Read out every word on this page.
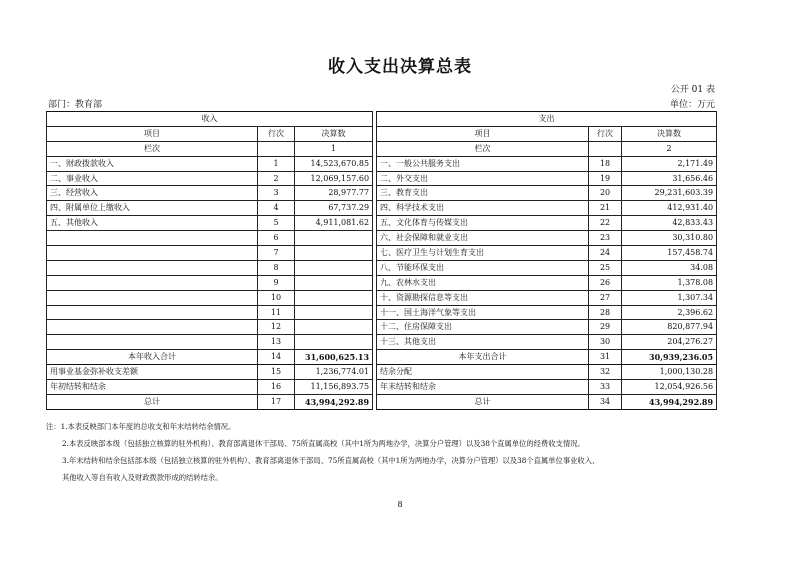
收入支出决算总表
公开 01 表
部门：教育部	单位：万元
收入				支出		
项目	行次	决算数		项目	行次	决算数
栏次		1		栏次		2
一、财政拨款收入	1	14,523,670.85		一、一般公共服务支出	18	2,171.49
二、事业收入	2	12,069,157.60		二、外交支出	19	31,656.46
三、经营收入	3	28,977.77		三、教育支出	20	29,231,603.39
四、附属单位上缴收入	4	67,737.29		四、科学技术支出	21	412,931.40
五、其他收入	5	4,911,081.62		五、文化体育与传媒支出	22	42,833.43
	6			六、社会保障和就业支出	23	30,310.80
	7			七、医疗卫生与计划生育支出	24	157,458.74
	8			八、节能环保支出	25	34.08
	9			九、农林水支出	26	1,378.08
	10			十、资源勘探信息等支出	27	1,307.34
	11			十一、国土海洋气象等支出	28	2,396.62
	12			十二、住房保障支出	29	820,877.94
	13			十三、其他支出	30	204,276.27
本年收入合计	14	31,600,625.13		本年支出合计	31	30,939,236.05
用事业基金弥补收支差额	15	1,236,774.01		结余分配	32	1,000,130.28
年初结转和结余	16	11,156,893.75		年末结转和结余	33	12,054,926.56
总计	17	43,994,292.89		总计	34	43,994,292.89
注：1.本表反映部门本年度的总收支和年末结转结余情况。
2.本表反映部本级（包括独立核算的驻外机构）、教育部离退休干部局、75所直属高校（其中1所为两地办学，决算分户管理）以及38个直属单位的经费收支情况。
3.年末结转和结余包括部本级（包括独立核算的驻外机构）、教育部离退休干部局、75所直属高校（其中1所为两地办学，决算分户管理）以及38个直属单位事业收入、
其他收入等自有收入及财政拨款形成的结转结余。
8
